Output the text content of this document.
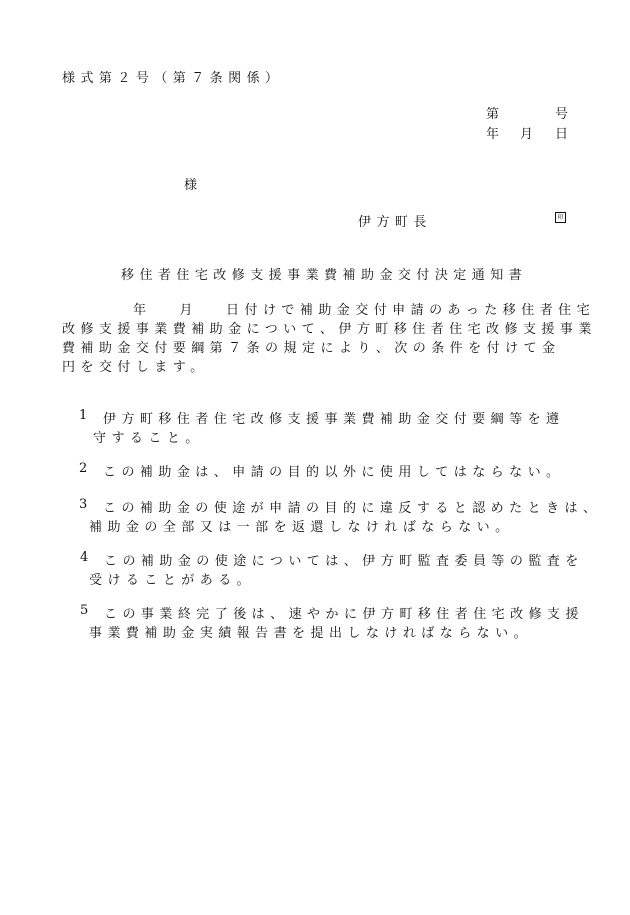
様式第２号（第７条関係）
第	号
年 月 日
様
伊方町長	印
移住者住宅改修支援事業費補助金交付決定通知書
年　 月 　日付けで補助金交付申請のあった移住者住宅
改修支援事業費補助金について、伊方町移住者住宅改修支援事業
費補助金交付要綱第７条の規定により、次の条件を付けて金
円を交付します。
1 伊方町移住者住宅改修支援事業費補助金交付要綱等を遵
守すること。
2 この補助金は、申請の目的以外に使用してはならない。
3 この補助金の使途が申請の目的に違反すると認めたときは、
補助金の全部又は一部を返還しなければならない。
4 この補助金の使途については、伊方町監査委員等の監査を
受けることがある。
5 この事業終完了後は、速やかに伊方町移住者住宅改修支援
事業費補助金実績報告書を提出しなければならない。
